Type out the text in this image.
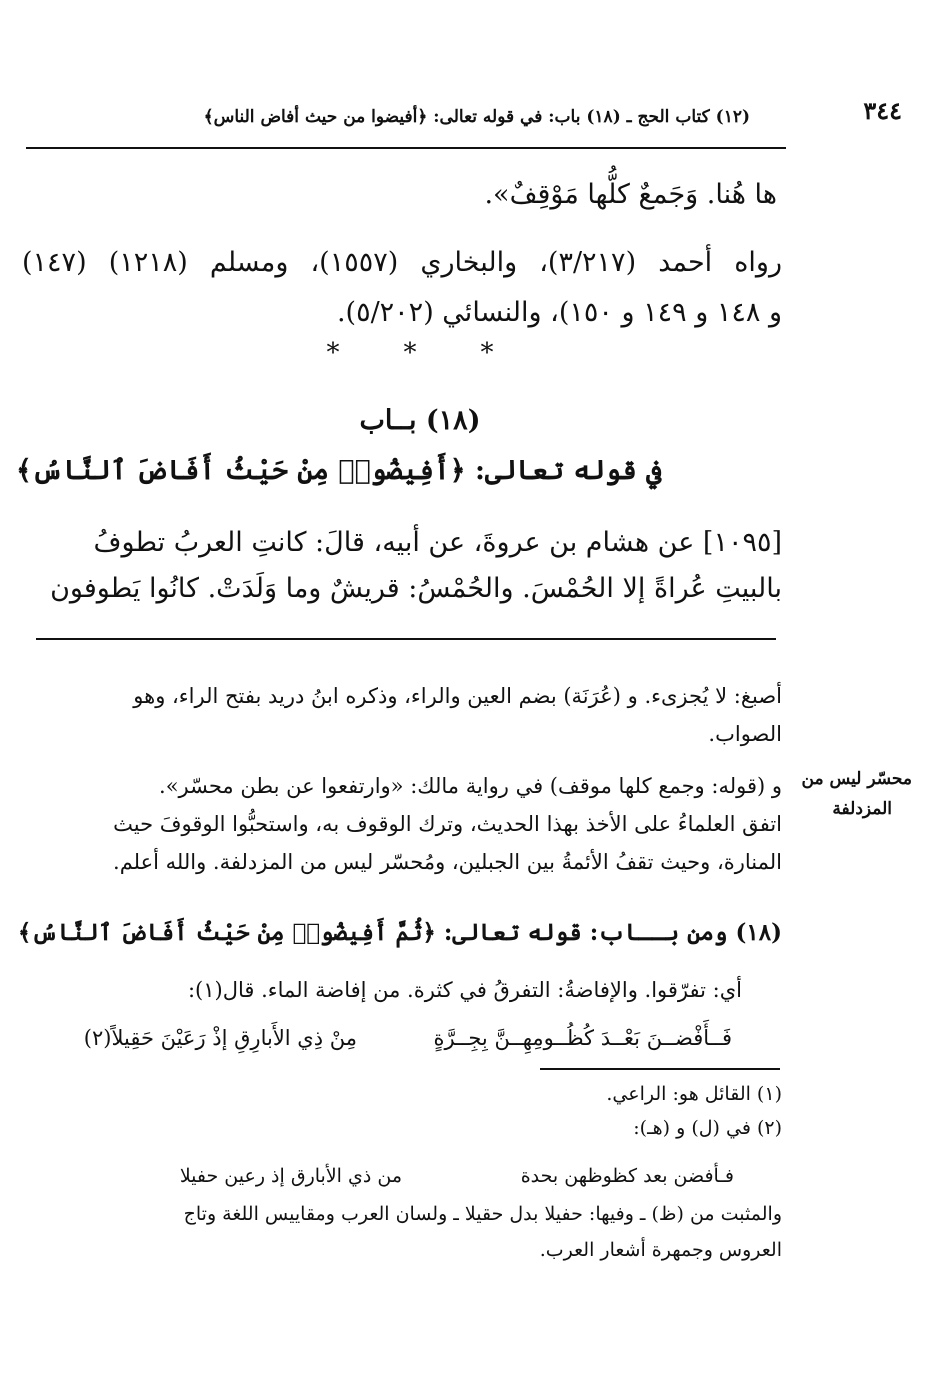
٣٤٤
(١٢) كتاب الحج ـ (١٨) باب: في قوله تعالى: ﴿أفيضوا من حيث أفاض الناس﴾
ها هُنا. وَجَمعٌ كلُّها مَوْقِفٌ».
رواه أحمد (٣/٢١٧)، والبخاري (١٥٥٧)، ومسلم (١٢١٨) (١٤٧)
و ١٤٨ و ١٤٩ و ١٥٠)، والنسائي (٥/٢٠٢).
* * *
(١٨) بــاب
في قوله تعالى: ﴿أَفِيضُوا۟ مِنْ حَيْثُ أَفَاضَ ٱلنَّاسُ﴾
[١٠٩٥] عن هشام بن عروةَ، عن أبيه، قالَ: كانتِ العربُ تطوفُ
بالبيتِ عُراةً إلا الحُمْسَ. والحُمْسُ: قريشٌ وما وَلَدَتْ. كانُوا يَطوفون
أصبغ: لا يُجزىء. و (عُرَنَة) بضم العين والراء، وذكره ابنُ دريد بفتح الراء، وهو
الصواب.
محسّر ليس من
المزدلفة
و (قوله: وجمع كلها موقف) في رواية مالك: «وارتفعوا عن بطن محسّر».
اتفق العلماءُ على الأخذ بهذا الحديث، وترك الوقوف به، واستحبُّوا الوقوفَ حيث
المنارة، وحيث تقفُ الأئمةُ بين الجبلين، ومُحسّر ليس من المزدلفة. والله أعلم.
(١٨) ومن بــاب: قوله تعالى: ﴿ثُمَّ أَفِيضُوا۟ مِنْ حَيْثُ أَفَاضَ ٱلنَّاسُ﴾
أي: تفرّقوا. والإفاضةُ: التفرقُ في كثرة. من إفاضة الماء. قال(١):
فَــأَفْضــنَ بَعْــدَ كُظُــومِهِــنَّ بِجِــرَّةٍ
مِنْ ذِي الأَبارِقِ إذْ رَعَيْنَ حَقِيلاً(٢)
(١) القائل هو: الراعي.
(٢) في (ل) و (هـ):
فـأفضن بعد كظوظهن بحدة
من ذي الأبارق إذ رعين حفيلا
والمثبت من (ظ) ـ وفيها: حفيلا بدل حقيلا ـ ولسان العرب ومقاييس اللغة وتاج
العروس وجمهرة أشعار العرب.
